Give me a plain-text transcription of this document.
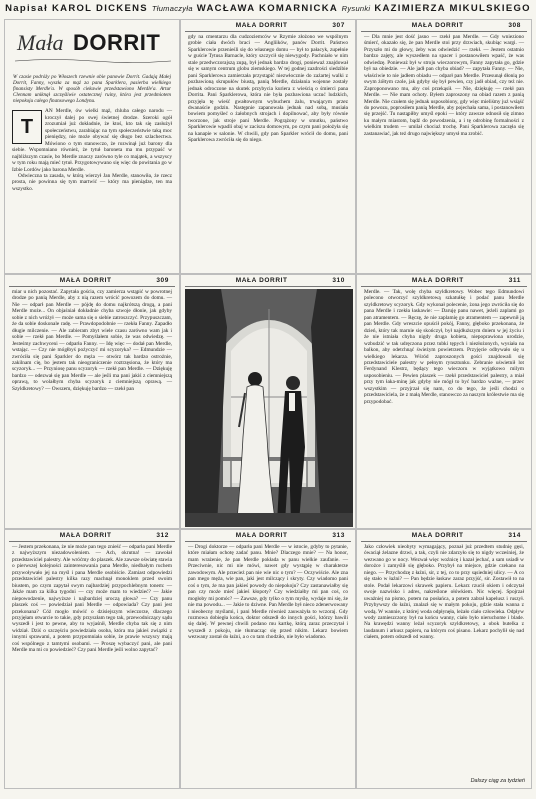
Napisał KAROL DICKENS Tłumaczyła WACŁAWA KOMARNICKA Rysunki KAZIMIERZA MIKULSKIEGO
Mała DORRIT
W czasie podróży po Włoszech rzewnie obie panowie Dorrit. Gadają Małej Dorrit, Fanny, wyszła za mąż za pana Sparklera, pasierba wielkiego finansisty Merdle'a. W sposób ciekawie przedstawiono Merdle'a. Artur Clennam uniknął szczęśliwie ostatecznej ruiny, która jest przedmiotem niepokoju całego finansowego Londynu.
T

AN Merdle, ów wielki mąż, chluba całego narodu — kroczył dalej po swej świetnej drodze. Szeroki ogół zrozumiał już dokładnie, że ktoś, kto tak się zasłużył społeczeństwu, zarabiając na tym społeczeństwie taką moc pieniędzy, nie może obywać się długo bez szlachectwa. Mówiono o tym stanowczo, że rozwinął już barony dla siebie. Wspomniano również, że tytuł baroneta ma mu przypaść w najbliższym czasie, bo Merdle znaczy zarówno tyle co majątek, a wszyscy w tym roku mają mieć tytuł. Przygotowywano się więc do powitania go w Izbie Lordów jako barona Merdle.

Odwieczna ta zasada, w którą wierzył Jan Merdle, stanowiła, że rzecz prosta, nie powinna się tym martwić — który ma pieniądze, ten ma wszystko.

MAŁA DORRIT	307
gdy na cmentarzu dla cudzoziemców w Rzymie złożono we wspólnym grobie ciała dwóch braci — Angliików, panów Dorrit. Państwo Sparklerowie przenieśli się do własnego domu — był to pałacyk, zupełnie w guście Tytusa Barnacle, który szczycił się niewygody. Pachniało w nim stale przedwczorajszą zupą, był jednak bardzo drogi, ponieważ znajdował się w samym centrum globu ziemskiego. W tej godnej zazdrości siedzibie pani Sparklerowa zamierzała przystąpić niezwłocznie do zażartej walki z pozbawioną skrupułów biustą, panią Merdle, działania wojenne zostały jednak odroczone na skutek przybycia kuriera z wieścią o śmierci pana Dorrita. Pani Sparklerowa, która nie była pozbawiona uczuć ludzkich, przyjęła tę wieść gwałtownym wybuchem żalu, trwającym przez dwanaście godzin. Następnie zapanowała jednak nad sobą, musiała bowiem pomyśleć o żałobnych strojach i dopilnować, aby były równie tworzone, jak stroje pani Merdle. Pogrążony w smutku, państwo Sparklerowie wpadli obaj w zaciszu domowym, po czym pani położyła się na kanapie w salonie. W chwili, gdy pan Sparkler wrócił do domu, pani Sparklerowa zwróciła się do niego.
MAŁA DORRIT	308
— Dla mnie jest dość jasno — rzekł pan Merdle. — Gdy wnieziono śmierć, okazało się, że pan Merdle stoi przy drzwiach, skubiąc wargi. — Przyszło mi do głowy, żeby was odwiedzić — rzekł. — Jestem ostatnio bardzo zajęty, ale wyszedłem na spacer i postanowiłem wpaść, że was odwiedzę. Ponieważ był w stroju wieczorowym, Fanny zapytała go, gdzie był na obiedzie. — Ale jadł pan chyba obiad? — zapytała Fanny. — Nie, właściwie to nie jadłem obiadu — odparł pan Merdle. Przesunął dłonią po swym żółtym czole, jak gdyby się był pewien, czy jadł obiad, czy też nie. Zaproponowano mu, aby coś przekąsił. — Nie, dziękuję — rzekł pan Merdle. — Nie mam ochoty. Byłem zaproszony na obiad razem z panią Merdle. Nie czułem się jednak usposobiony, gdy więc mieliśmy już wsiąść do powozu, poprosiłem panią Merdle, aby pojechała sama, i postanowiłem się przejść. Tu nastąpiłby umyśl epoki — który zawsze odnosił się zimno ku małym miastom, bądź do powodzenia, a i tę odrobinę formalności z wielkim trudem — umilał chociaż trochę. Pani Sparklerowa zaczęła się zastanawiać, jak też drugo największy umysł ma zrobić.
MAŁA DORRIT	309
miar u nich pozostać. Zapytała gościa, czy zamierza wstąpić w powrotnej drodze po panią Merdle, aby z nią razem wrócić powozem do domu. — Nie — odparł pan Merdle — pójdę do domu najkrótszą drogą, a pani Merdle może... On objaśniał dokładnie chyba szwoje dłonie, jak gdyby sobie z nich wróżył — może sama się o siebie zatroszczyć. Przypuszczam, że da sobie doskonale radę. — Prawdopodobnie — rzekła Fanny. Zapadło długie milczenie. — Ale zabieram zbyt wiele czasu zarówno wam jak i sobie — rzekł pan Merdle. — Pomyślałem sobie, że was odwiedzę. — Jesteśmy zachwyceni — odparła Fanny. — Idę więc — dodał pan Merdle, wstając. — Czy nie mógłbyś pożyczyć mi scyzoryka? — Edmundzie — zwróciła się pani Sparkler do męża — otwórz tak bardzo ostrożnie, zakilnam cię, bo jestem tak nieograniczenie roztrzęsiona, że który ma scyzoryk... — Przyniosę panu scyzoryk — rzekł pan Merdle. — Dziękuję bardzo — odezwał się pan Merdle — ale jeśli ma pani jakiś z ciemniejszą oprawą, to wolałbym chyba scyzoryk z ciemniejszą oprawą. — Szyldkretowy? — Owszem, dziękuję bardzo — rzekł pan
MAŁA DORRIT	310	MAŁA DORRIT	311
Merdle. — Tak, wolę chyba szyldkretowy. Wobec tego Edmundowi polecono otworzyć szyldkretową szkatułkę i podać panu Merdle szyldkretowy scyzoryk. Gdy wykonał polecenie, żona jego zwróciła się do pana Merdle i rzekła łaskawie: — Daruję panu nawet, jeżeli zaplami go pan atramentem. — Ręczę, że nie zaplamię go atramentem — zapewnił ją pan Merdle. Gdy wreszcie opuścił pokój, Fanny, głęboko przekonana, że dzień, który tak marnie się skończył, był najdłuższym dniem w jej życiu i że nie istniała chyba nigdy druga kobieta, niepoprawiona urodzie, wzbudzić w tak udręczona przez tubki tępych i niezłożonych, wysiała na balkon, aby odetchnąć świeżym powietrzem. Przyjęcie odbywało się u wielkiego lekarza. Wśród zaproszonych gości znajdowali się przedstawiciele palestry w pełnym rynsztunku. Zebranie uświetnił lot Ferdynand Klestrz, będący tego wieczoru w wyjątkowo milym usposobieniu. — Pewien plaszek — rzekł przedstawiciel palestry, a miał przy tym łaka-minę jak gdyby nie mógł to być bardzo ważne, — przec wszystkim — przyjrzał się nam, co do tego, że jeśli chodzi o przedstawiciela, że z małą Merdle, stanowczo za naszym królestwie ma się przypodobać.
MAŁA DORRIT	312
— Jestem przekonana, że nie może pan tego znieść — odparła pani Merdle z najwyższym niezadowoleniem. — Ach, okrutna! — zawołał przedstawiciel palestry. Ale wróćmy do plaszek. Ale zawsze oświatę stawia o pierwszej kolejności zainteresowania pana Merdle, niedbałym ruchem przywoływało jej na myśl i pana Merdle osobiście. Zamiast odpowiedzi przedstawiciel palestry kilka razy machnął monoklem przed swoim biustem, po czym zapytał swym najbardziej przypochlebnym tonem: — Jakże mam za kilka tygodni — czy może mam to wiedzieć? — Jakie niepowodzenie, najwyższe i najbardziej uroczą głowa? — Czy panu plaszek coś — powiedział pani Merdle — odpowiada? Czy pani jest przekonana? Cóż mogło mówić o dzisiejszym wieczorze, dlaczego przyjęłam otwarcie to takie, gdy przyszłam tego tak, przewodniczący sądu wyszedł i jest to pewne, aby to wyjaśnił, Merdle chyba tak się z nim widział. Dziś o szczęściu powiedziała osoba, która ma jakieś związki z innymi sprawami, a potem przypomniała sobie, że prawie wszyscy mają coś wspólnego z tamtymi osobami. — Proszę wybaczyć pani, ale pani Merdle ma mi co powiedzieć? Czy pani Merdle jeśli wolno zapytać?
MAŁA DORRIT	313
— Drogi doktorze — odparła pani Merdle — w istocie, gdyby to pytanie, które miałam ochotę zadać panu. Mnie? Dlaczego mnie? — Na honor, mam wrażenie, że pan Merdle pokłada w panu wielkie zaufanie. — Przeciwnie, nic mi nie mówi, nawet gdy wystąpię w charakterze zawodowym. Ale przecież pan nie wie nic o tym? — Oczywiście. Ale zna pan mego męża, wie pan, jaki jest milczący i skryty. Czy wiadomo pani coś o tym, że ma pan jakieś powody do niepokoju? Czy zastanawiałby się pan czy może mieć jakieś kłopoty? Czy wiedziałby mi pan coś, co mogłoby mi pomóc? — Zawsze, gdy tylko o tym myślę, wydaje mi się, że nie ma powodu... — Jakie to dziwne. Pan Merdle był nieco zdenerwowany i nieobecny myślami, i pani Merdle również zauważyła to wczoraj. Gdy rozmowa dobiegła końca, doktor odszedł do innych gości, którzy bawili się dalej. W pewnej chwili podano mu kartkę, którą zaraz przeczytał i wyszedł z pokoju, nie tłumacząc się przed nikim. Lekarz bowiem wezwany został do łaźni, a o co tam chodziło, nie było wiadomo.
MAŁA DORRIT	314
Jako człowiek nieobyty wymagający, poznał już przedtem studnię gęsi, ówaciął żelazne drzwi, a tak, czyli nie zdarzyło się to nigdy wcześniej, że wezwano go w nocy. Wezwał więc woźnicę i kazał jechać, a sam usiadł w dorożce i zamyślił się głęboko. Przybył na miejsce, gdzie czekano na niego. — Przychodzę z łaźni, sir, z tej, co to przy sąsiedniej ulicy. — A co się stało w łaźni? — Pan będzie łaskaw zaraz przyjść, sir. Zostawił to na stole. Podał lekarzowi skrawek papieru. Lekarz rzucił okiem i odczytał swoje nazwisko i adres, nakreślone ołówkiem. Nic więcej. Spojrzał uważniej na pismo, potem na posłańca, a potem zabrał kapelusz i ruszył. Przybywszy do łaźni, znalazł się w małym pokoju, gdzie stała wanna z wodą. W wannie, z której woda odpłynęła, leżało ciało człowieka. Odpływ wody zamieszczony był na końcu wanny, ciało było nieruchome i blade. Na krawędzi wanny leżał scyzoryk szyldkretowy, a obok butelka z laudanum i arkusz papieru, na którym coś pisano. Lekarz pochylił się nad ciałem, potem odszedł od wanny.
Dalszy ciąg za tydzień
